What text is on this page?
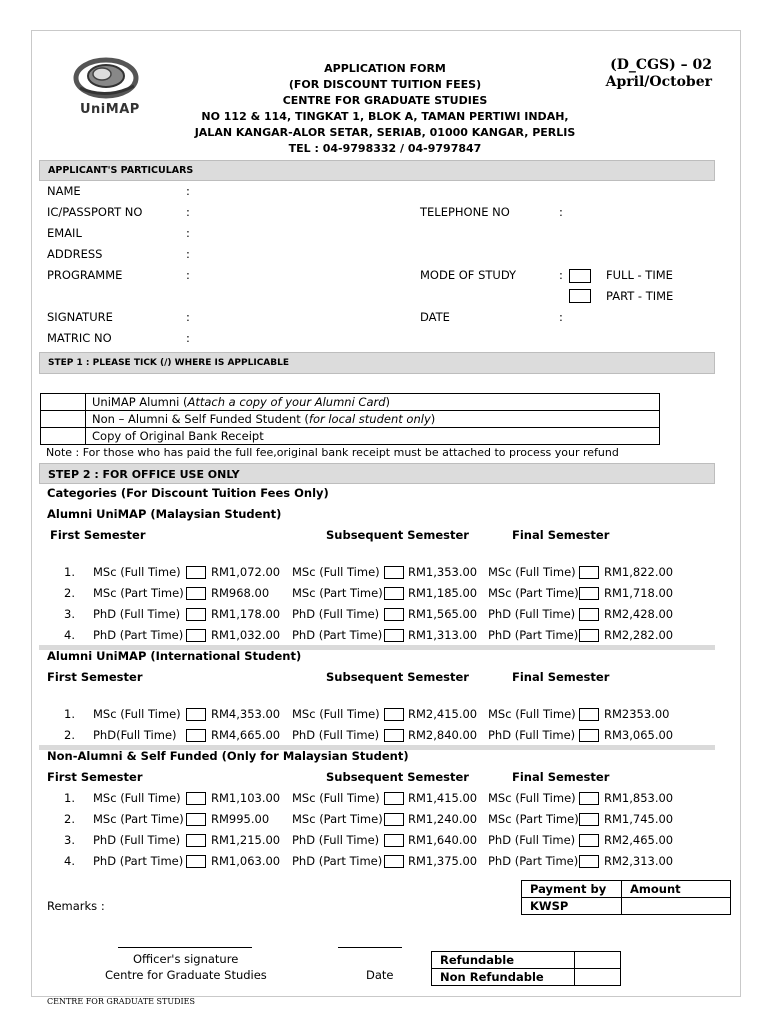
UniMAP
APPLICATION FORM
(FOR DISCOUNT TUITION FEES)
CENTRE FOR GRADUATE STUDIES
NO 112 & 114, TINGKAT 1, BLOK A, TAMAN PERTIWI INDAH,
JALAN KANGAR-ALOR SETAR, SERIAB, 01000 KANGAR, PERLIS
TEL : 04-9798332 / 04-9797847
(D_CGS) – 02
April/October
APPLICANT'S PARTICULARS
NAME	:
IC/PASSPORT NO	:	TELEPHONE NO	:
EMAIL	:
ADDRESS	:
PROGRAMME	:	MODE OF STUDY	:	FULL - TIME
PART - TIME
SIGNATURE	:	DATE	:
MATRIC NO	:
STEP 1 : PLEASE TICK (/) WHERE IS APPLICABLE
	UniMAP Alumni (Attach a copy of your Alumni Card)
	Non – Alumni & Self Funded Student (for local student only)
	Copy of Original Bank Receipt
Note : For those who has paid the full fee,original bank receipt must be attached to process your refund
STEP 2 : FOR OFFICE USE ONLY
Categories (For Discount Tuition Fees Only)
Alumni UniMAP (Malaysian Student)
First Semester	Subsequent Semester	Final Semester
1. MSc (Full Time)	RM1,072.00 MSc (Full Time) RM1,353.00 MSc (Full Time) RM1,822.00
2. MSc (Part Time) RM968.00 MSc (Part Time) RM1,185.00 MSc (Part Time) RM1,718.00
3. PhD (Full Time)	RM1,178.00 PhD (Full Time)	RM1,565.00 PhD (Full Time)	RM2,428.00
4. PhD (Part Time) RM1,032.00 PhD (Part Time) RM1,313.00 PhD (Part Time) RM2,282.00
Alumni UniMAP (International Student)
First Semester	Subsequent Semester	Final Semester
1. MSc (Full Time)	RM4,353.00 MSc (Full Time) RM2,415.00 MSc (Full Time) RM2353.00
2. PhD(Full Time)	RM4,665.00 PhD (Full Time)	RM2,840.00 PhD (Full Time)	RM3,065.00
Non-Alumni & Self Funded (Only for Malaysian Student)
First Semester	Subsequent Semester	Final Semester
1. MSc (Full Time)	RM1,103.00 MSc (Full Time) RM1,415.00 MSc (Full Time) RM1,853.00
2. MSc (Part Time) RM995.00 MSc (Part Time) RM1,240.00 MSc (Part Time) RM1,745.00
3. PhD (Full Time)	RM1,215.00 PhD (Full Time)	RM1,640.00 PhD (Full Time)	RM2,465.00
4. PhD (Part Time) RM1,063.00 PhD (Part Time) RM1,375.00 PhD (Part Time) RM2,313.00
Payment by	Amount
KWSP	
Remarks :
Officer's signature
Centre for Graduate Studies	Date
Refundable	
Non Refundable	
CENTRE FOR GRADUATE STUDIES
